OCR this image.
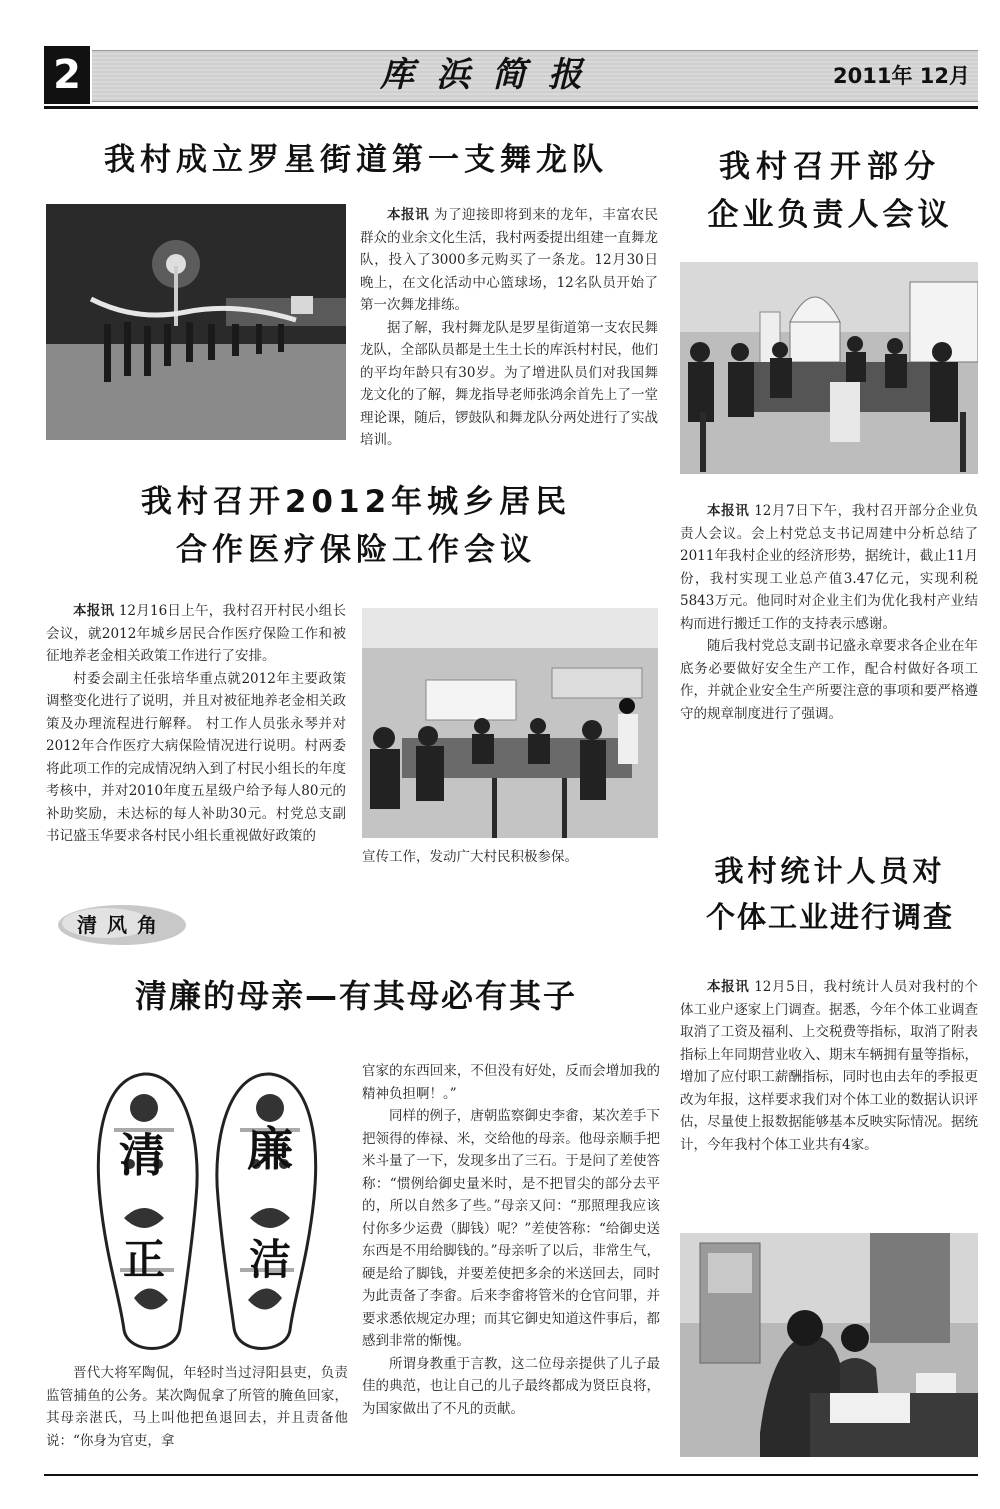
2	库浜简报	2011年 12月
我村成立罗星街道第一支舞龙队

本报讯 为了迎接即将到来的龙年，丰富农民群众的业余文化生活，我村两委提出组建一直舞龙队，投入了3000多元购买了一条龙。12月30日晚上，在文化活动中心篮球场，12名队员开始了第一次舞龙排练。

据了解，我村舞龙队是罗星街道第一支农民舞龙队，全部队员都是土生土长的库浜村村民，他们的平均年龄只有30岁。为了增进队员们对我国舞龙文化的了解，舞龙指导老师张鸿余首先上了一堂理论课，随后，锣鼓队和舞龙队分两处进行了实战培训。

我村召开部分
企业负责人会议

本报讯 12月7日下午，我村召开部分企业负责人会议。会上村党总支书记周建中分析总结了2011年我村企业的经济形势，据统计，截止11月份，我村实现工业总产值3.47亿元，实现利税5843万元。他同时对企业主们为优化我村产业结构而进行搬迁工作的支持表示感谢。

随后我村党总支副书记盛永章要求各企业在年底务必要做好安全生产工作，配合村做好各项工作，并就企业安全生产所要注意的事项和要严格遵守的规章制度进行了强调。

我村召开2012年城乡居民
合作医疗保险工作会议

本报讯 12月16日上午，我村召开村民小组长会议，就2012年城乡居民合作医疗保险工作和被征地养老金相关政策工作进行了安排。

村委会副主任张培华重点就2012年主要政策调整变化进行了说明，并且对被征地养老金相关政策及办理流程进行解释。 村工作人员张永琴并对2012年合作医疗大病保险情况进行说明。村两委将此项工作的完成情况纳入到了村民小组长的年度考核中，并对2010年度五星级户给予每人80元的补助奖励，未达标的每人补助30元。村党总支副书记盛玉华要求各村民小组长重视做好政策的

宣传工作，发动广大村民积极参保。	我村统计人员对
个体工业进行调查

本报讯 12月5日，我村统计人员对我村的个体工业户逐家上门调查。据悉，今年个体工业调查取消了工资及福利、上交税费等指标，取消了附表指标上年同期营业收入、期末车辆拥有量等指标，增加了应付职工薪酬指标，同时也由去年的季报更改为年报，这样要求我们对个体工业的数据认识评估，尽量使上报数据能够基本反映实际情况。据统计，今年我村个体工业共有4家。

清风角
清廉的母亲—有其母必有其子
清 廉
正 洁

晋代大将军陶侃，年轻时当过浔阳县吏，负责监管捕鱼的公务。某次陶侃拿了所管的腌鱼回家，其母亲湛氏，马上叫他把鱼退回去，并且责备他说：“你身为官吏，拿

官家的东西回来，不但没有好处，反而会增加我的精神负担啊！。”

同样的例子，唐朝监察御史李畬，某次差手下把领得的俸禄、米，交给他的母亲。他母亲顺手把米斗量了一下，发现多出了三石。于是问了差使答称：“惯例给御史量米时，是不把冒尖的部分去平的，所以自然多了些。”母亲又问：“那照理我应该付你多少运费（脚钱）呢？”差使答称：“给御史送东西是不用给脚钱的。”母亲听了以后，非常生气，硬是给了脚钱，并要差使把多余的米送回去，同时为此责备了李畬。后来李畬将管米的仓官问罪，并要求悉依规定办理；而其它御史知道这件事后，都感到非常的惭愧。

所谓身教重于言教，这二位母亲提供了儿子最佳的典范，也让自己的儿子最终都成为贤臣良将，为国家做出了不凡的贡献。
